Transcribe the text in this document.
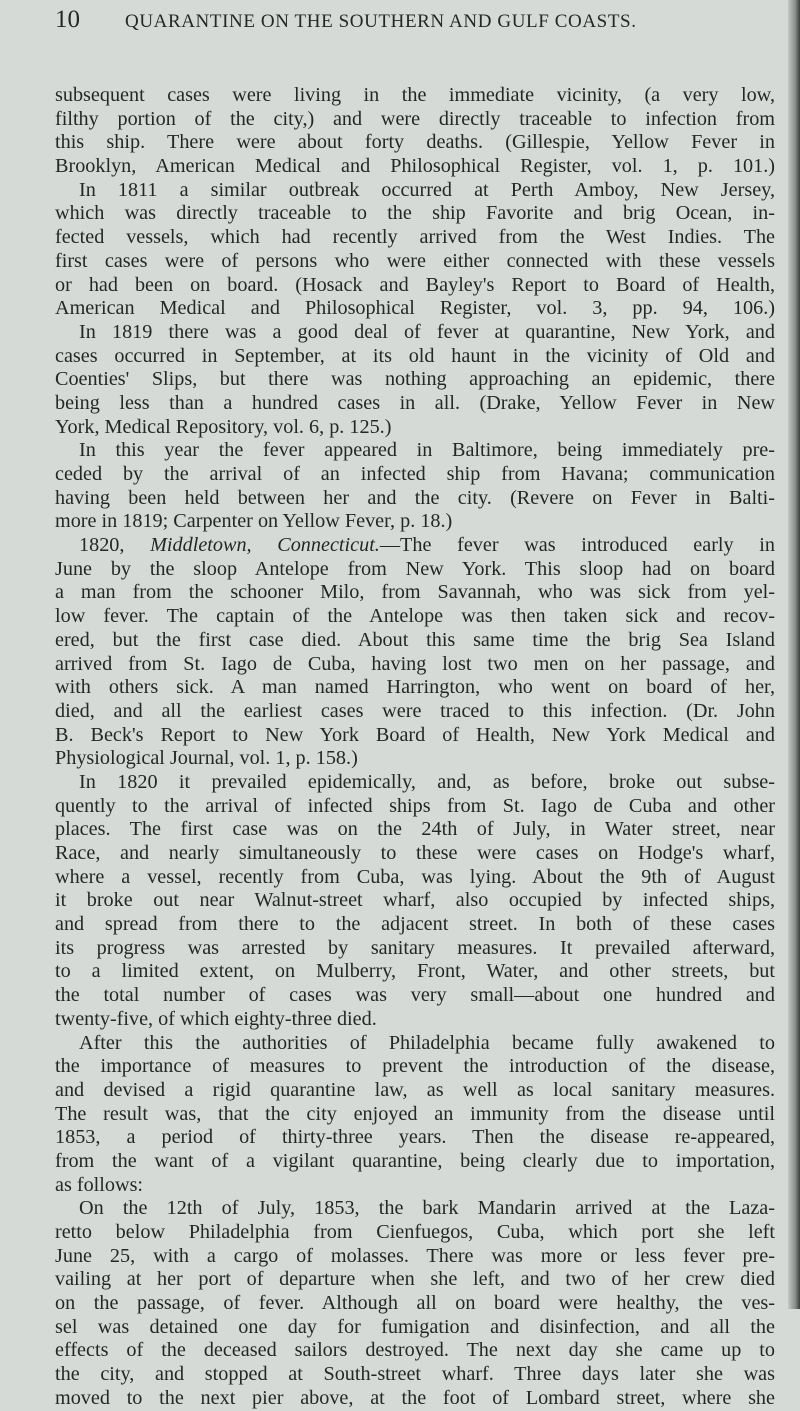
10 QUARANTINE ON THE SOUTHERN AND GULF COASTS.
subsequent cases were living in the immediate vicinity, (a very low,
filthy portion of the city,) and were directly traceable to infection from
this ship. There were about forty deaths. (Gillespie, Yellow Fever in
Brooklyn, American Medical and Philosophical Register, vol. 1, p. 101.)
In 1811 a similar outbreak occurred at Perth Amboy, New Jersey,
which was directly traceable to the ship Favorite and brig Ocean, in-
fected vessels, which had recently arrived from the West Indies. The
first cases were of persons who were either connected with these vessels
or had been on board. (Hosack and Bayley's Report to Board of Health,
American Medical and Philosophical Register, vol. 3, pp. 94, 106.)
In 1819 there was a good deal of fever at quarantine, New York, and
cases occurred in September, at its old haunt in the vicinity of Old and
Coenties' Slips, but there was nothing approaching an epidemic, there
being less than a hundred cases in all. (Drake, Yellow Fever in New
York, Medical Repository, vol. 6, p. 125.)
In this year the fever appeared in Baltimore, being immediately pre-
ceded by the arrival of an infected ship from Havana; communication
having been held between her and the city. (Revere on Fever in Balti-
more in 1819; Carpenter on Yellow Fever, p. 18.)
1820, Middletown, Connecticut.—The fever was introduced early in
June by the sloop Antelope from New York. This sloop had on board
a man from the schooner Milo, from Savannah, who was sick from yel-
low fever. The captain of the Antelope was then taken sick and recov-
ered, but the first case died. About this same time the brig Sea Island
arrived from St. Iago de Cuba, having lost two men on her passage, and
with others sick. A man named Harrington, who went on board of her,
died, and all the earliest cases were traced to this infection. (Dr. John
B. Beck's Report to New York Board of Health, New York Medical and
Physiological Journal, vol. 1, p. 158.)
In 1820 it prevailed epidemically, and, as before, broke out subse-
quently to the arrival of infected ships from St. Iago de Cuba and other
places. The first case was on the 24th of July, in Water street, near
Race, and nearly simultaneously to these were cases on Hodge's wharf,
where a vessel, recently from Cuba, was lying. About the 9th of August
it broke out near Walnut-street wharf, also occupied by infected ships,
and spread from there to the adjacent street. In both of these cases
its progress was arrested by sanitary measures. It prevailed afterward,
to a limited extent, on Mulberry, Front, Water, and other streets, but
the total number of cases was very small—about one hundred and
twenty-five, of which eighty-three died.
After this the authorities of Philadelphia became fully awakened to
the importance of measures to prevent the introduction of the disease,
and devised a rigid quarantine law, as well as local sanitary measures.
The result was, that the city enjoyed an immunity from the disease until
1853, a period of thirty-three years. Then the disease re-appeared,
from the want of a vigilant quarantine, being clearly due to importation,
as follows:
On the 12th of July, 1853, the bark Mandarin arrived at the Laza-
retto below Philadelphia from Cienfuegos, Cuba, which port she left
June 25, with a cargo of molasses. There was more or less fever pre-
vailing at her port of departure when she left, and two of her crew died
on the passage, of fever. Although all on board were healthy, the ves-
sel was detained one day for fumigation and disinfection, and all the
effects of the deceased sailors destroyed. The next day she came up to
the city, and stopped at South-street wharf. Three days later she was
moved to the next pier above, at the foot of Lombard street, where she
